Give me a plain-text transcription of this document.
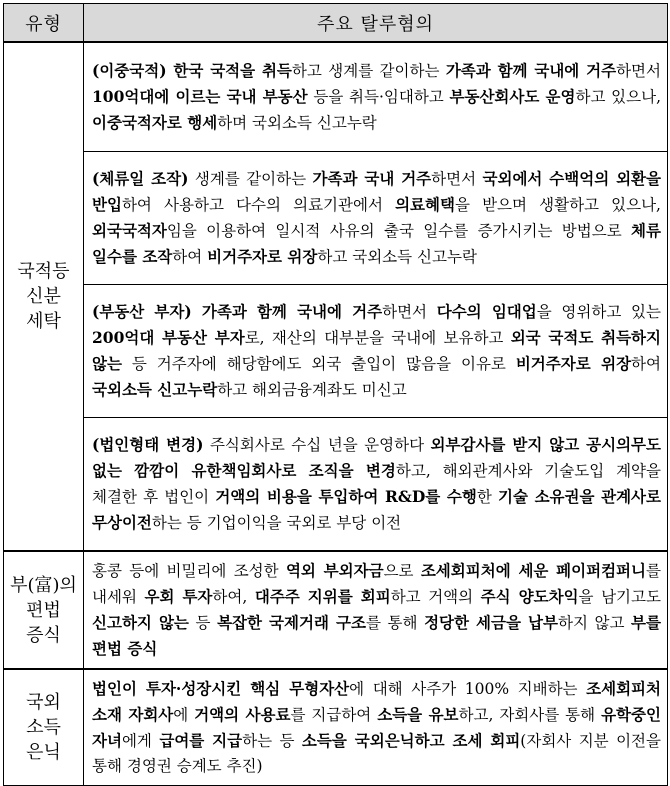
유형	주요 탈루혐의
국적등
신분
세탁	(이중국적) 한국 국적을 취득하고 생계를 같이하는 가족과 함께 국내에 거주하면서 100억대에 이르는 국내 부동산 등을 취득·임대하고 부동산회사도 운영하고 있으나, 이중국적자로 행세하며 국외소득 신고누락
	(체류일 조작) 생계를 같이하는 가족과 국내 거주하면서 국외에서 수백억의 외환을 반입하여 사용하고 다수의 의료기관에서 의료혜택을 받으며 생활하고 있으나, 외국국적자임을 이용하여 일시적 사유의 출국 일수를 증가시키는 방법으로 체류 일수를 조작하여 비거주자로 위장하고 국외소득 신고누락
	(부동산 부자) 가족과 함께 국내에 거주하면서 다수의 임대업을 영위하고 있는 200억대 부동산 부자로, 재산의 대부분을 국내에 보유하고 외국 국적도 취득하지 않는 등 거주자에 해당함에도 외국 출입이 많음을 이유로 비거주자로 위장하여 국외소득 신고누락하고 해외금융계좌도 미신고
	(법인형태 변경) 주식회사로 수십 년을 운영하다 외부감사를 받지 않고 공시의무도 없는 깜깜이 유한책임회사로 조직을 변경하고, 해외관계사와 기술도입 계약을 체결한 후 법인이 거액의 비용을 투입하여 R&D를 수행한 기술 소유권을 관계사로 무상이전하는 등 기업이익을 국외로 부당 이전
부(富)의
편법
증식	홍콩 등에 비밀리에 조성한 역외 부외자금으로 조세회피처에 세운 페이퍼컴퍼니를 내세워 우회 투자하여, 대주주 지위를 회피하고 거액의 주식 양도차익을 남기고도 신고하지 않는 등 복잡한 국제거래 구조를 통해 정당한 세금을 납부하지 않고 부를 편법 증식
국외
소득
은닉	법인이 투자·성장시킨 핵심 무형자산에 대해 사주가 100% 지배하는 조세회피처 소재 자회사에 거액의 사용료를 지급하여 소득을 유보하고, 자회사를 통해 유학중인 자녀에게 급여를 지급하는 등 소득을 국외은닉하고 조세 회피(자회사 지분 이전을 통해 경영권 승계도 추진)
